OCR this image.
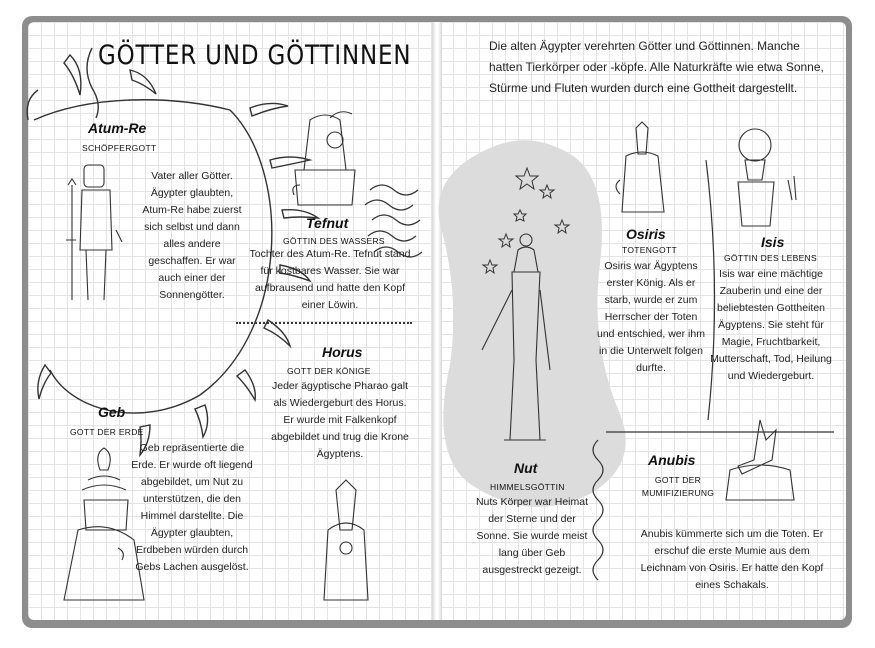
GÖTTER UND GÖTTINNEN	Die alten Ägypter verehrten Götter und Göttinnen. Manche hatten Tierkörper oder -köpfe. Alle Naturkräfte wie etwa Sonne, Stürme und Fluten wurden durch eine Gottheit dargestellt.
Atum-Re
SCHÖPFERGOTT
Vater aller Götter. Ägypter glaubten, Atum-Re habe zuerst sich selbst und dann alles andere geschaffen. Er war auch einer der Sonnengötter.
Tefnut
GÖTTIN DES WASSERS
Tochter des Atum-Re. Tefnut stand für kostbares Wasser. Sie war aufbrausend und hatte den Kopf einer Löwin.
Horus
GOTT DER KÖNIGE
Jeder ägyptische Pharao galt als Wiedergeburt des Horus. Er wurde mit Falkenkopf abgebildet und trug die Krone Ägyptens.
Geb
GOTT DER ERDE
Geb repräsentierte die Erde. Er wurde oft liegend abgebildet, um Nut zu unterstützen, die den Himmel darstellte. Die Ägypter glaubten, Erdbeben würden durch Gebs Lachen ausgelöst.
Osiris
TOTENGOTT
Osiris war Ägyptens erster König. Als er starb, wurde er zum Herrscher der Toten und entschied, wer ihm in die Unterwelt folgen durfte.
Isis
GÖTTIN DES LEBENS
Isis war eine mächtige Zauberin und eine der beliebtesten Gottheiten Ägyptens. Sie steht für Magie, Fruchtbarkeit, Mutterschaft, Tod, Heilung und Wiedergeburt.
Nut
HIMMELSGÖTTIN
Nuts Körper war Heimat der Sterne und der Sonne. Sie wurde meist lang über Geb ausgestreckt gezeigt.
Anubis
GOTT DER MUMIFIZIERUNG
Anubis kümmerte sich um die Toten. Er erschuf die erste Mumie aus dem Leichnam von Osiris. Er hatte den Kopf eines Schakals.
